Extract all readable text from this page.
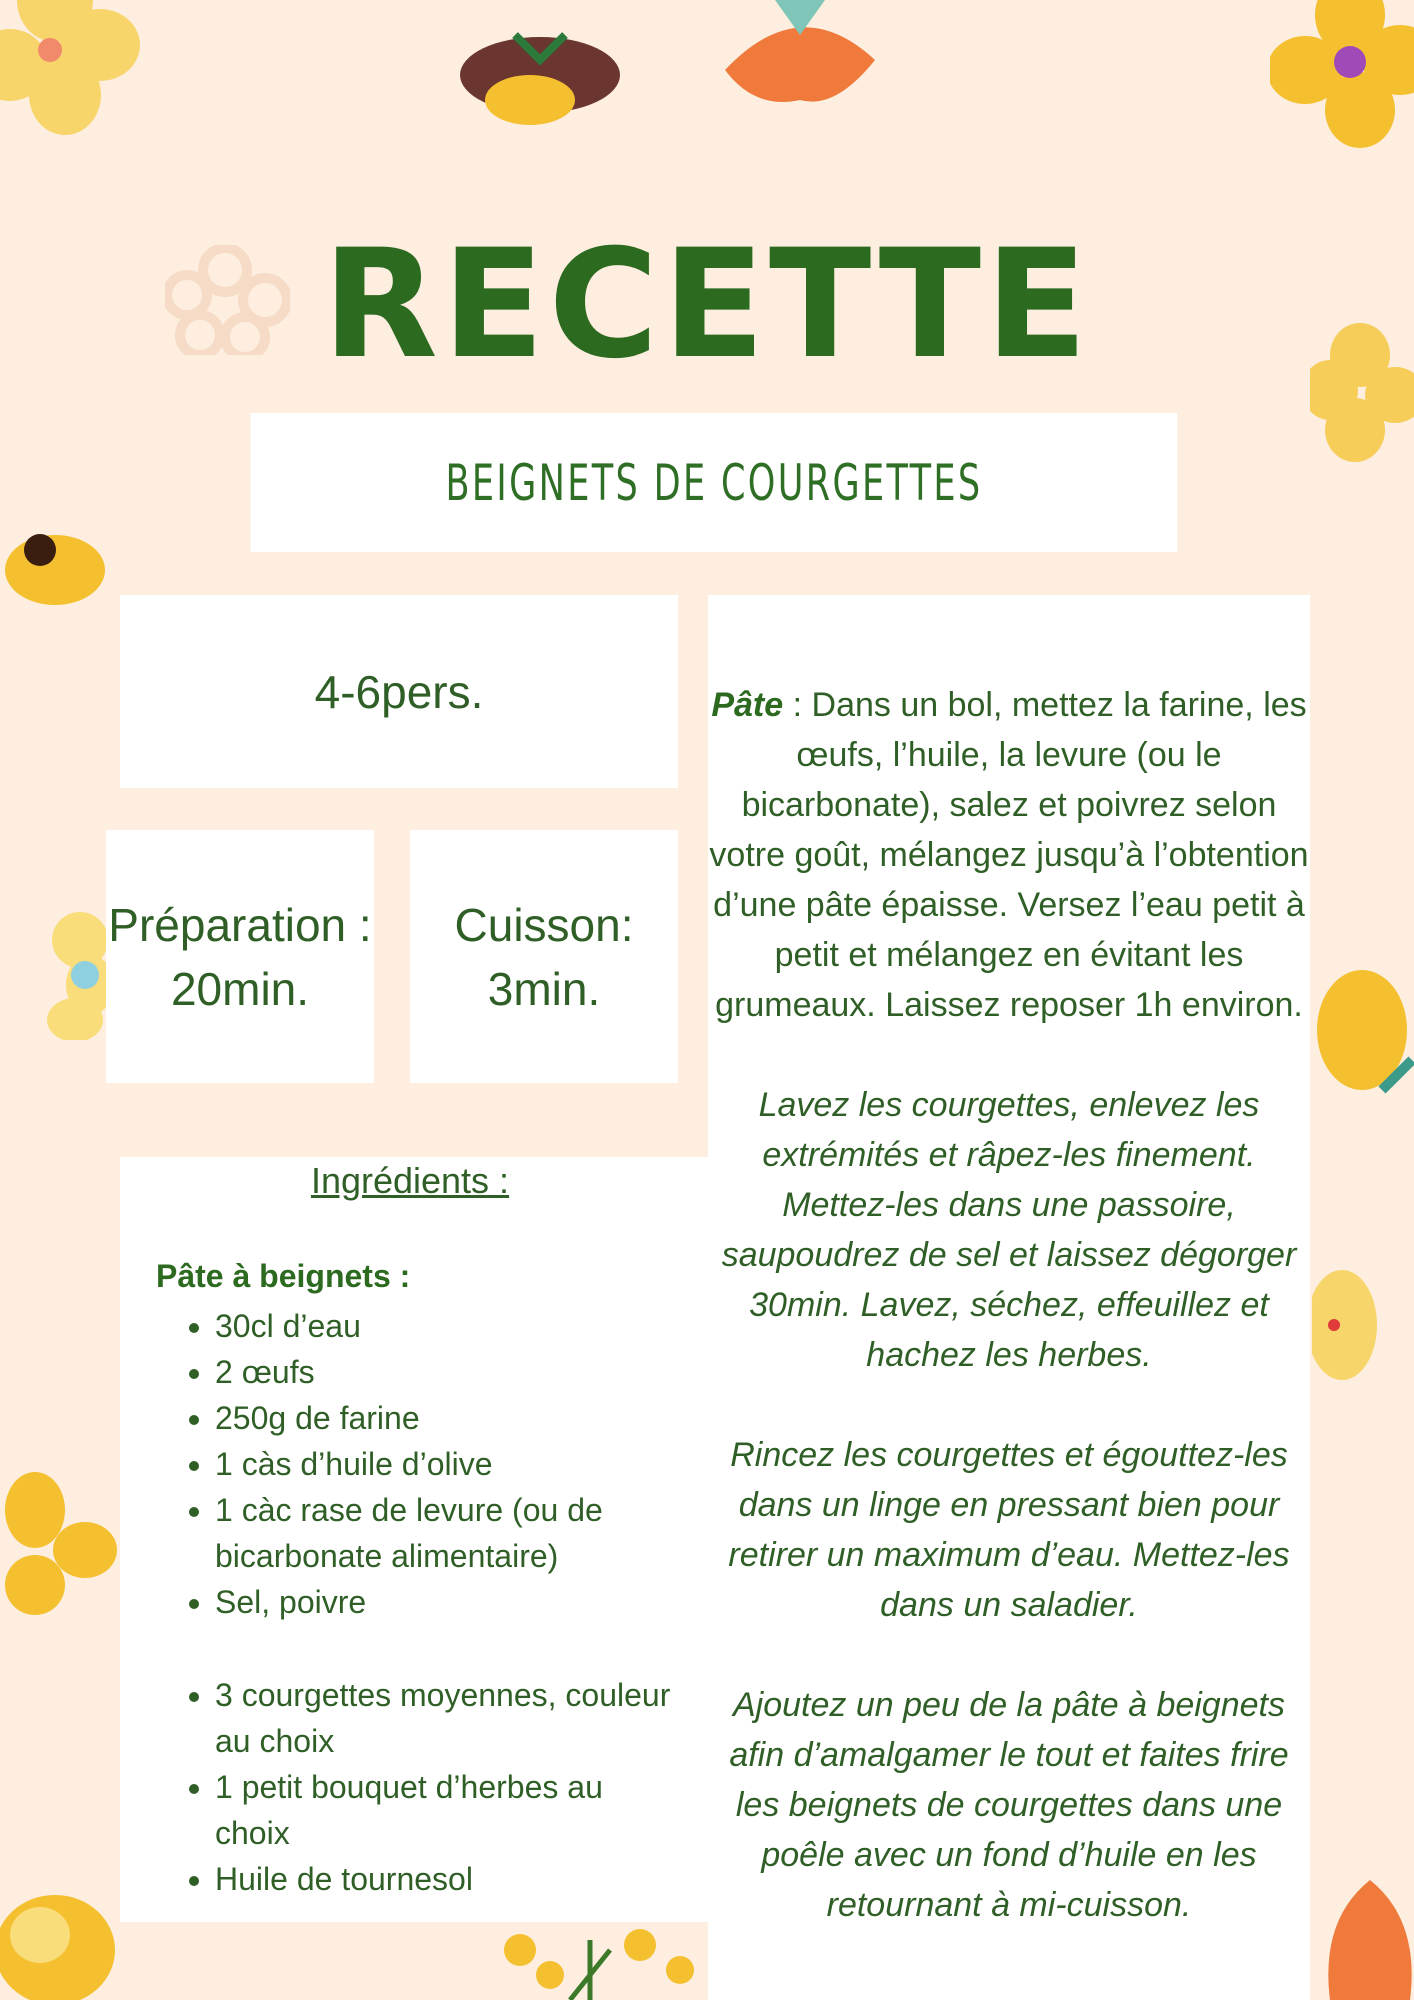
RECETTE
BEIGNETS DE COURGETTES
4-6pers.
Préparation :
20min.
Cuisson:
3min.
Ingrédients :
Pâte à beignets :
• 30cl d’eau
• 2 œufs
• 250g de farine
• 1 càs d’huile d’olive
• 1 càc rase de levure (ou de bicarbonate alimentaire)
• Sel, poivre
• 3 courgettes moyennes, couleur au choix
• 1 petit bouquet d’herbes au choix
• Huile de tournesol

Pâte : Dans un bol, mettez la farine, les œufs, l’huile, la levure (ou le bicarbonate), salez et poivrez selon votre goût, mélangez jusqu’à l’obtention d’une pâte épaisse. Versez l’eau petit à petit et mélangez en évitant les grumeaux. Laissez reposer 1h environ.

Lavez les courgettes, enlevez les extrémités et râpez-les finement. Mettez-les dans une passoire, saupoudrez de sel et laissez dégorger 30min. Lavez, séchez, effeuillez et hachez les herbes.

Rincez les courgettes et égouttez-les dans un linge en pressant bien pour retirer un maximum d’eau. Mettez-les dans un saladier.

Ajoutez un peu de la pâte à beignets afin d’amalgamer le tout et faites frire les beignets de courgettes dans une poêle avec un fond d’huile en les retournant à mi-cuisson.
